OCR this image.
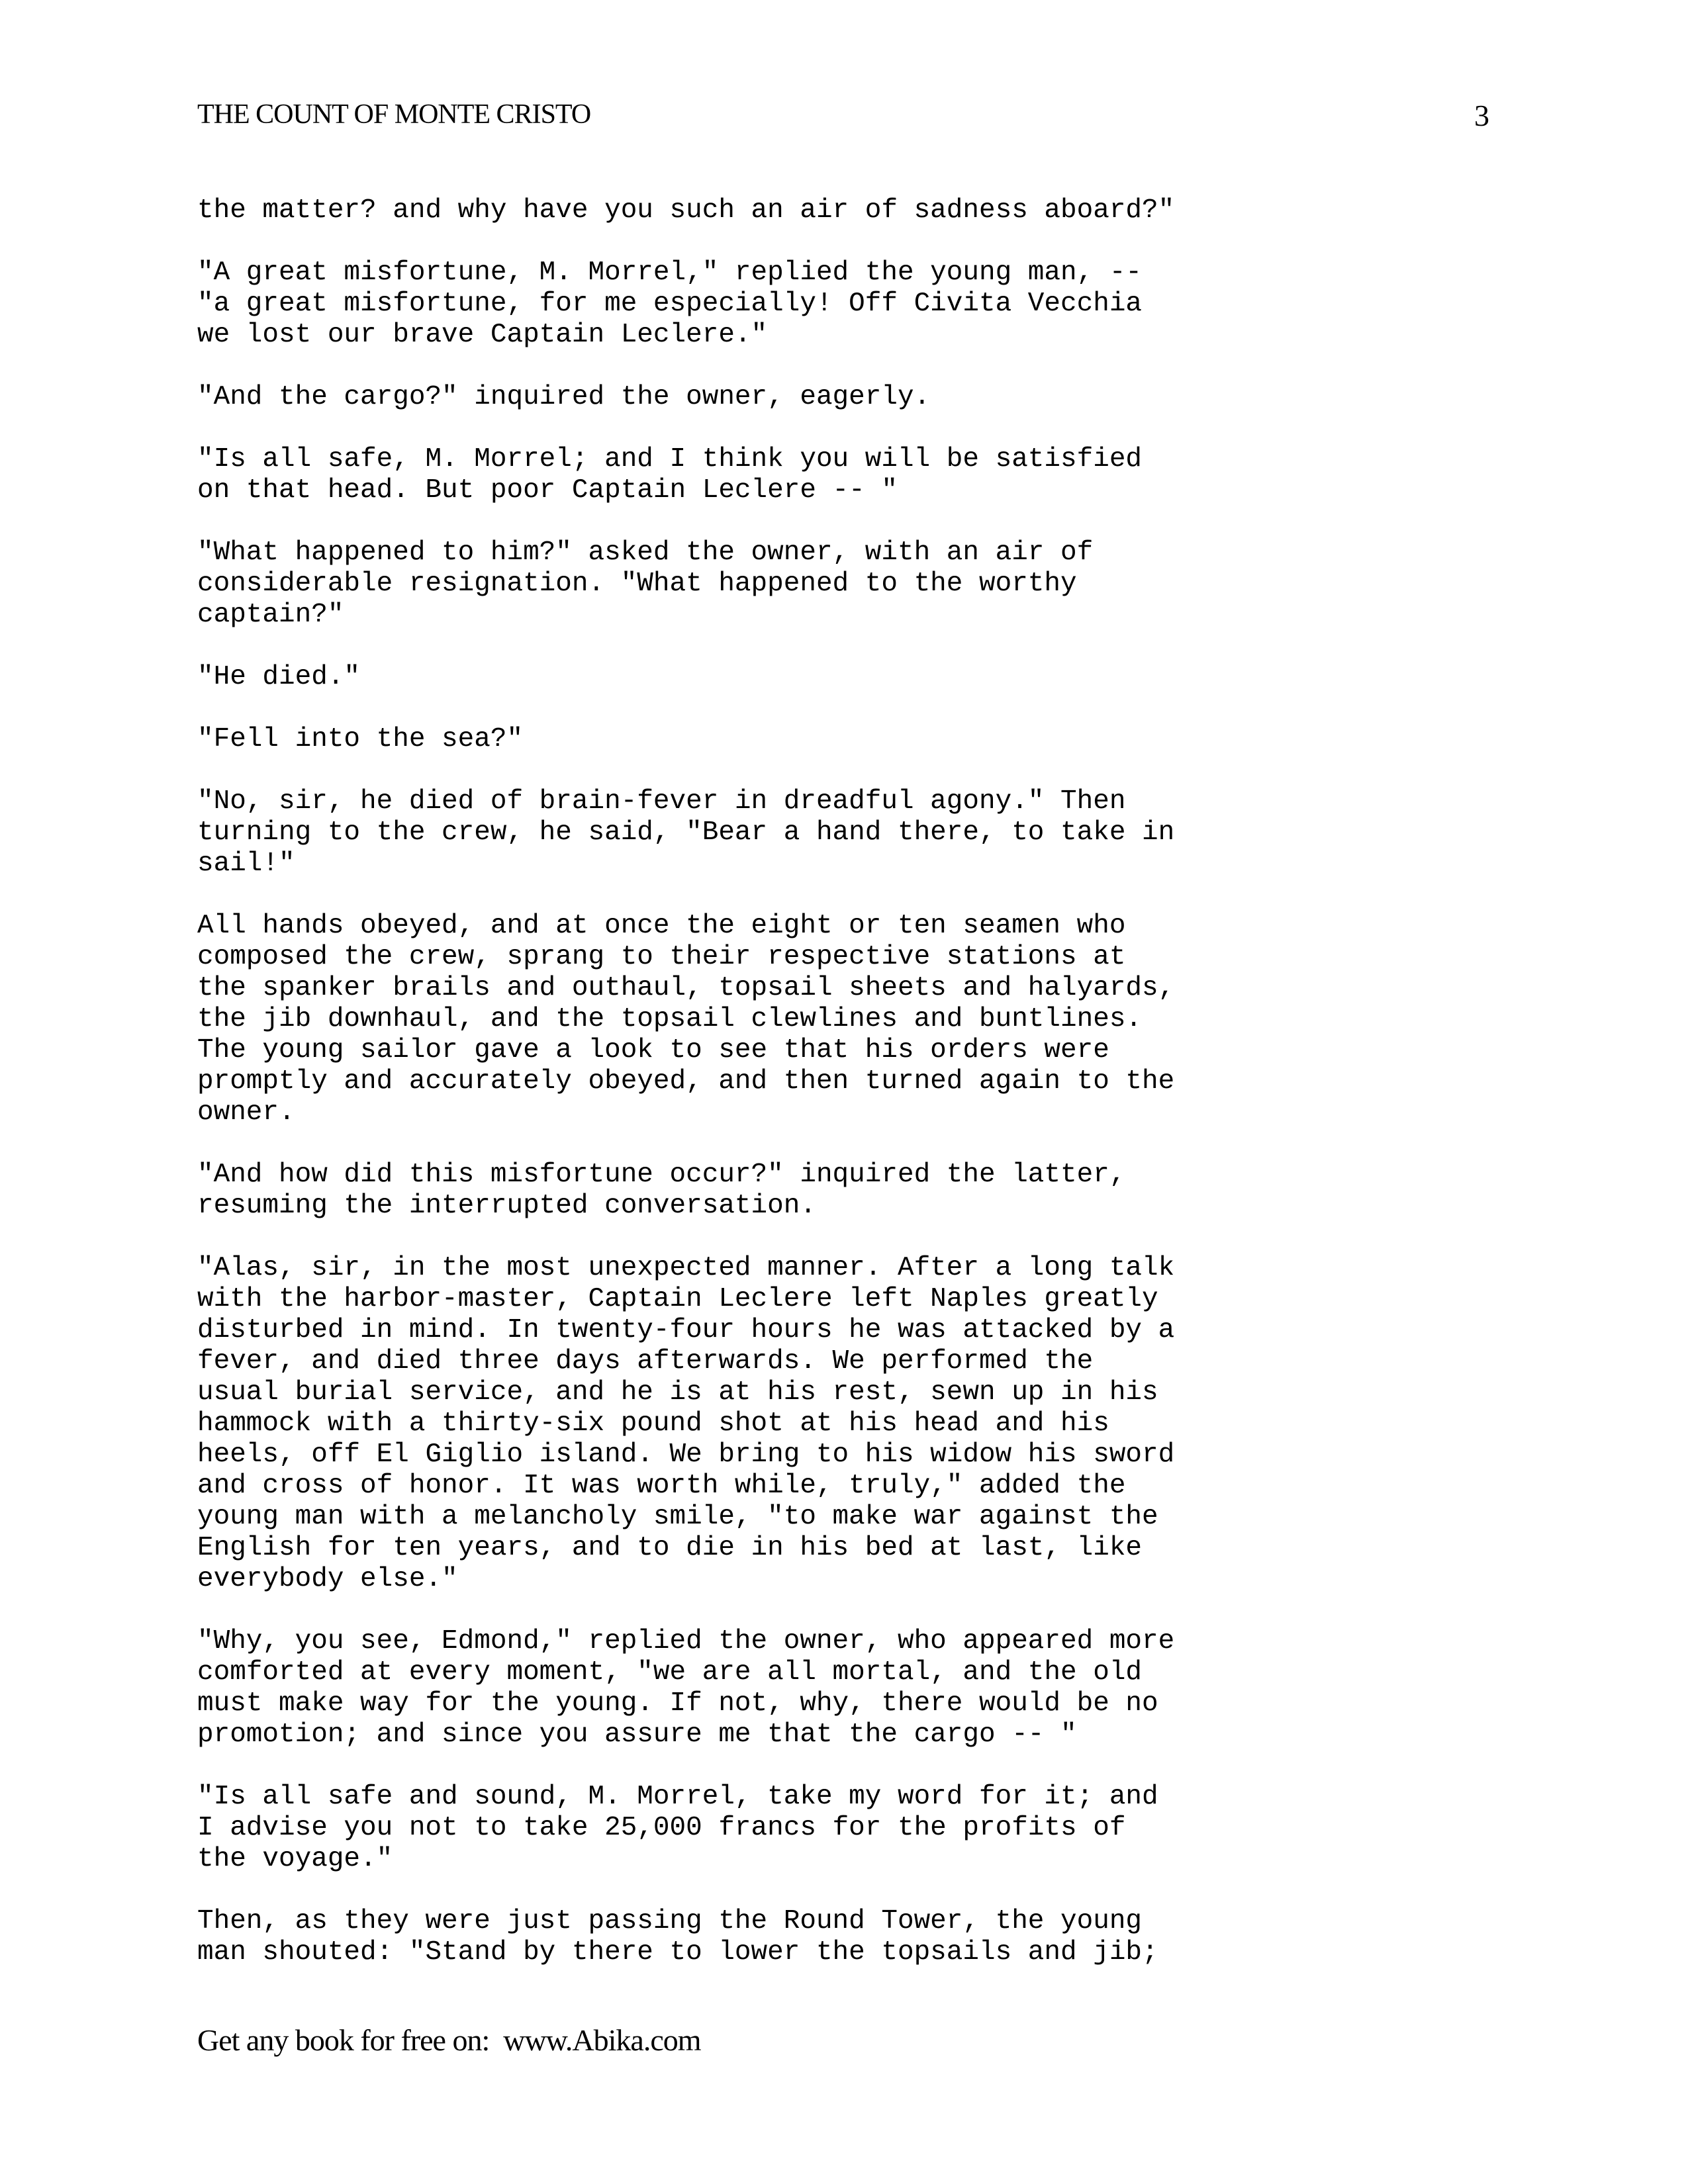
THE COUNT OF MONTE CRISTO	3

the matter? and why have you such an air of sadness aboard?"

"A great misfortune, M. Morrel," replied the young man, --
"a great misfortune, for me especially! Off Civita Vecchia
we lost our brave Captain Leclere."

"And the cargo?" inquired the owner, eagerly.

"Is all safe, M. Morrel; and I think you will be satisfied
on that head. But poor Captain Leclere -- "

"What happened to him?" asked the owner, with an air of
considerable resignation. "What happened to the worthy
captain?"

"He died."

"Fell into the sea?"

"No, sir, he died of brain-fever in dreadful agony." Then
turning to the crew, he said, "Bear a hand there, to take in
sail!"

All hands obeyed, and at once the eight or ten seamen who
composed the crew, sprang to their respective stations at
the spanker brails and outhaul, topsail sheets and halyards,
the jib downhaul, and the topsail clewlines and buntlines.
The young sailor gave a look to see that his orders were
promptly and accurately obeyed, and then turned again to the
owner.

"And how did this misfortune occur?" inquired the latter,
resuming the interrupted conversation.

"Alas, sir, in the most unexpected manner. After a long talk
with the harbor-master, Captain Leclere left Naples greatly
disturbed in mind. In twenty-four hours he was attacked by a
fever, and died three days afterwards. We performed the
usual burial service, and he is at his rest, sewn up in his
hammock with a thirty-six pound shot at his head and his
heels, off El Giglio island. We bring to his widow his sword
and cross of honor. It was worth while, truly," added the
young man with a melancholy smile, "to make war against the
English for ten years, and to die in his bed at last, like
everybody else."

"Why, you see, Edmond," replied the owner, who appeared more
comforted at every moment, "we are all mortal, and the old
must make way for the young. If not, why, there would be no
promotion; and since you assure me that the cargo -- "

"Is all safe and sound, M. Morrel, take my word for it; and
I advise you not to take 25,000 francs for the profits of
the voyage."

Then, as they were just passing the Round Tower, the young
man shouted: "Stand by there to lower the topsails and jib;

Get any book for free on: www.Abika.com
